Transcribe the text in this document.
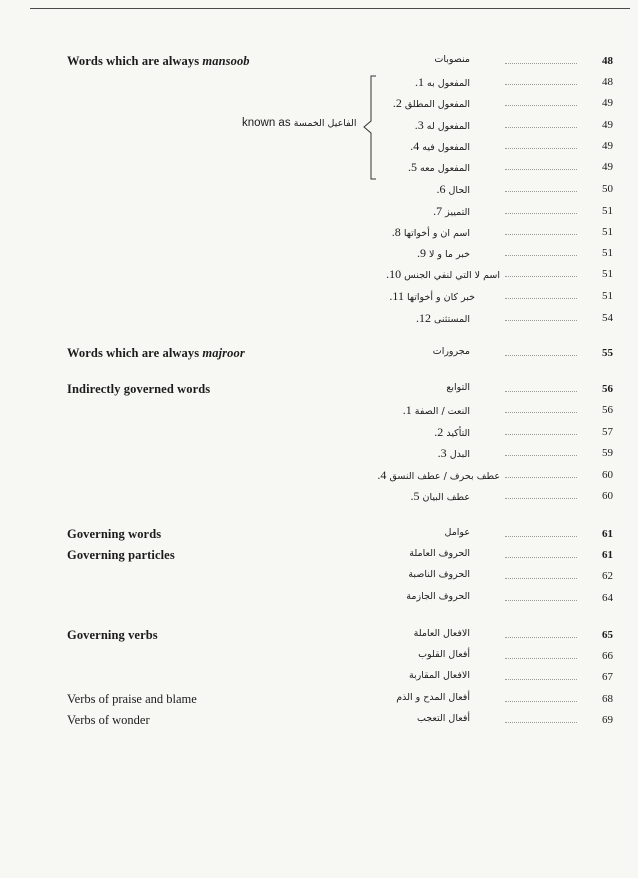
Words which are always mansoob	منصوبات	48
المفعول به 1.	48
المفعول المطلق 2.	49
المفعول له 3.	49
المفعول فيه 4.	49
المفعول معه 5.	49
الحال 6.	50
التمييز 7.	51
اسم ان و أخواتها 8.	51
خبر ما و لا 9.	51
اسم لا التي لنفي الجنس 10.	51
خبر كان و أخواتها 11.	51
المستثنى 12.	54
Words which are always majroor	مجرورات	55
Indirectly governed words	التوابع	56
النعت / الصفة 1.	56
التأكيد 2.	57
البدل 3.	59
عطف بحرف / عطف النسق 4.	60
عطف البيان 5.	60
Governing words	عوامل	61
Governing particles	الحروف العاملة	61
الحروف الناصبة	62
الحروف الجازمة	64
Governing verbs	الافعال العاملة	65
أفعال القلوب	66
الافعال المقاربة	67
Verbs of praise and blame	أفعال المدح و الذم	68
Verbs of wonder	أفعال التعجب	69
known as الفاعيل الخمسة
